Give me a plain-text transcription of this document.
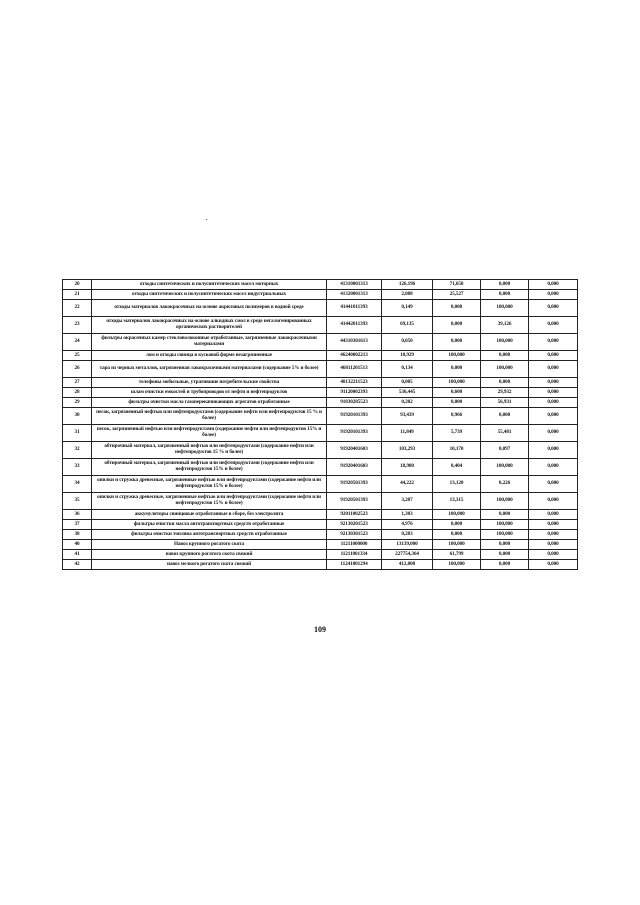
20	отходы синтетических и полусинтетических масел моторных	41310001313	126,196	71,650	0,000	0,000
21	отходы синтетических и полусинтетических масел индустриальных	41320001313	2,088	25,527	0,000	0,000
22	отходы материалов лакокрасочных на основе акриловых полимеров в водной среде	41441011393	0,149	0,000	100,000	0,000
23	отходы материалов лакокрасочных на основе алкидных смол в среде негалогенированных органических растворителей	41442011393	69,135	0,000	39,126	0,000
24	фильтры окрасочных камер стекловолоконные отработанные, загрязненные лакокрасочными материалами	44310301613	0,050	0,000	100,000	0,000
25	лом и отходы свинца в кусковой форме незагрязненные	46240002213	10,929	100,000	0,000	0,000
26	тара из черных металлов, загрязненная лакокрасочными материалами (содержание 5% и более)	46811201513	0,134	0,000	100,000	0,000
27	телефоны мобильные, утратившие потребительские свойства	48132211523	0,005	100,000	0,000	0,000
28	шлам очистки емкостей и трубопроводов от нефти и нефтепродуктов	91120002393	536,445	0,600	29,932	0,000
29	фильтры очистки масла газоперекачивающих агрегатов отработанные	91830285523	0,202	0,000	56,931	0,000
30	песок, загрязненный нефтью или нефтепродуктами (содержание нефти или нефтепродуктов 15 % и более)	91920101393	93,439	0,966	0,000	0,000
31	песок, загрязненный нефтью или нефтепродуктами (содержание нефти или нефтепродуктов 15% и более)	91920101393	11,849	5,739	55,481	0,000
32	обтирочный материал, загрязненный нефтью или нефтепродуктами (содержание нефти или нефтепродуктов 15 % и более)	91920401603	103,293	10,170	0,097	0,000
33	обтирочный материал, загрязненный нефтью или нефтепродуктами (содержание нефти или нефтепродуктов 15% и более)	91920401603	18,980	8,404	100,000	0,000
34	опилки и стружка древесные, загрязненные нефтью или нефтепродуктами (содержание нефти или нефтепродуктов 15% и более)	91920501393	44,222	13,120	0,226	0,000
35	опилки и стружка древесные, загрязненные нефтью или нефтепродуктами (содержание нефти или нефтепродуктов 15% и более)	91920501393	3,207	13,315	100,000	0,000
36	аккумуляторы свинцовые отработанные в сборе, без электролита	92011002523	1,303	100,000	0,000	0,000
37	фильтры очистки масла автотранспортных средств отработанные	92130201523	4,976	0,000	100,000	0,000
38	фильтры очистки топлива автотранспортных средств отработанные	92130301523	0,283	0,000	100,000	0,000
40	Навоз крупного рогатого скота	11211000000	13139,000	100,000	0,000	0,000
41	навоз крупного рогатого скота свежий	11211001334	227754,364	61,799	0,000	0,000
42	навоз мелкого рогатого скота свежий	11241001294	412,000	100,000	0,000	0,000
109
